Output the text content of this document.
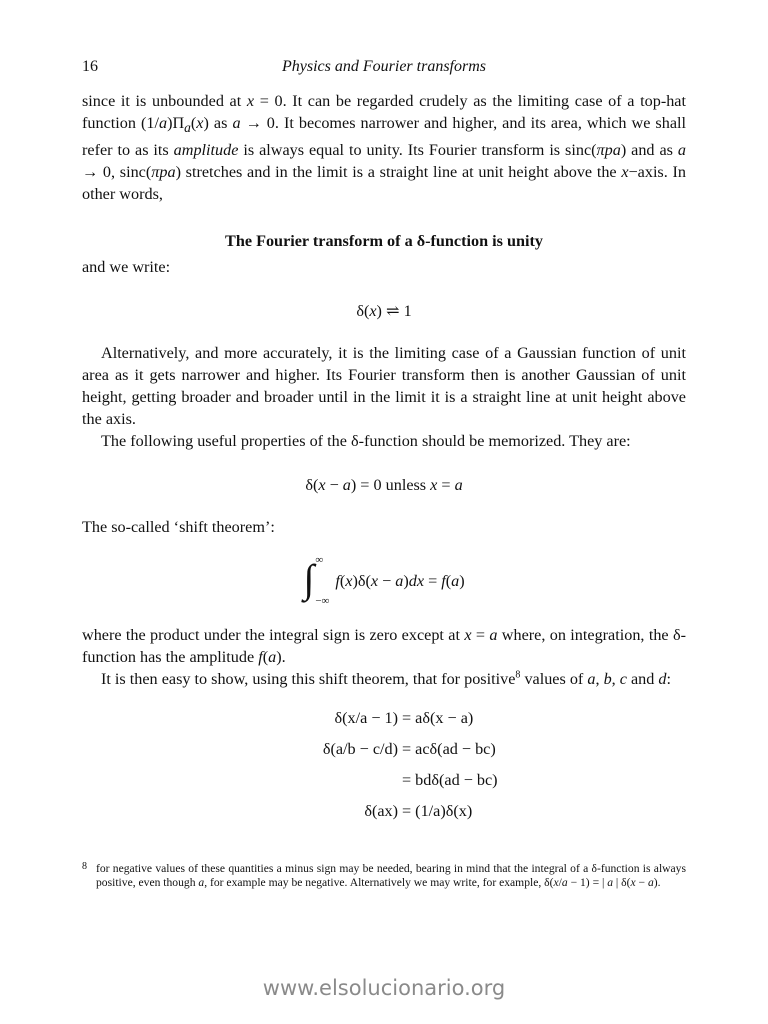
16	Physics and Fourier transforms

since it is unbounded at x = 0. It can be regarded crudely as the limiting case of a top-hat function $(1/a)\Pi_a(x)$ as a → 0. It becomes narrower and higher, and its area, which we shall refer to as its amplitude is always equal to unity. Its Fourier transform is sinc(πpa) and as a → 0, sinc(πpa) stretches and in the limit is a straight line at unit height above the x−axis. In other words,

The Fourier transform of a δ-function is unity

and we write:

δ(x) ⇌ 1

Alternatively, and more accurately, it is the limiting case of a Gaussian function of unit area as it gets narrower and higher. Its Fourier transform then is another Gaussian of unit height, getting broader and broader until in the limit it is a straight line at unit height above the axis.

The following useful properties of the δ-function should be memorized. They are:

δ(x − a) = 0 unless x = a

The so-called ‘shift theorem’:

∫ ∞
−∞
f(x)δ(x − a)dx = f(a)

where the product under the integral sign is zero except at x = a where, on integration, the δ-function has the amplitude f(a).

It is then easy to show, using this shift theorem, that for positive$^8$ values of a, b, c and d:

δ(x/a − 1) = aδ(x − a)
δ(a/b − c/d) = acδ(ad − bc)
= bdδ(ad − bc)
δ(ax) = (1/a)δ(x)
8 for negative values of these quantities a minus sign may be needed, bearing in mind that the integral of a δ-function is always positive, even though a, for example may be negative. Alternatively we may write, for example, δ(x/a − 1) = | a | δ(x − a).
www.elsolucionario.org
